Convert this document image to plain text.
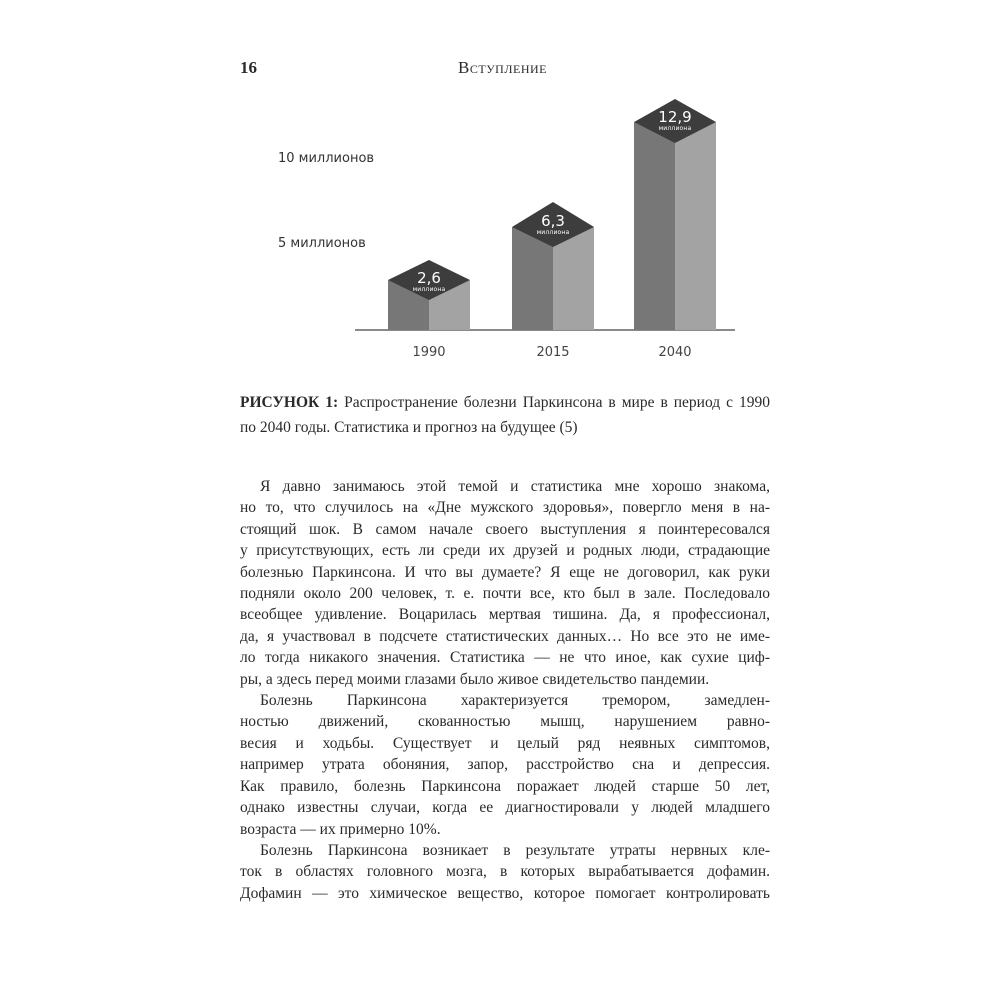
16	Вступление
10 миллионов
5 миллионов
2,6
миллиона
6,3
миллиона
12,9
миллиона
1990	2015	2040
РИСУНОК 1: Распространение болезни Паркинсона в мире в период с 1990
по 2040 годы. Статистика и прогноз на будущее (5)
Я давно занимаюсь этой темой и статистика мне хорошо знакома,
но то, что случилось на «Дне мужского здоровья», повергло меня в на-
стоящий шок. В самом начале своего выступления я поинтересовался
у присутствующих, есть ли среди их друзей и родных люди, страдающие
болезнью Паркинсона. И что вы думаете? Я еще не договорил, как руки
подняли около 200 человек, т. е. почти все, кто был в зале. Последовало
всеобщее удивление. Воцарилась мертвая тишина. Да, я профессионал,
да, я участвовал в подсчете статистических данных… Но все это не име-
ло тогда никакого значения. Статистика — не что иное, как сухие циф-
ры, а здесь перед моими глазами было живое свидетельство пандемии.
Болезнь Паркинсона характеризуется тремором, замедлен-
ностью движений, скованностью мышц, нарушением равно-
весия и ходьбы. Существует и целый ряд неявных симптомов,
например утрата обоняния, запор, расстройство сна и депрессия.
Как правило, болезнь Паркинсона поражает людей старше 50 лет,
однако известны случаи, когда ее диагностировали у людей младшего
возраста — их примерно 10%.
Болезнь Паркинсона возникает в результате утраты нервных кле-
ток в областях головного мозга, в которых вырабатывается дофамин.
Дофамин — это химическое вещество, которое помогает контролировать
